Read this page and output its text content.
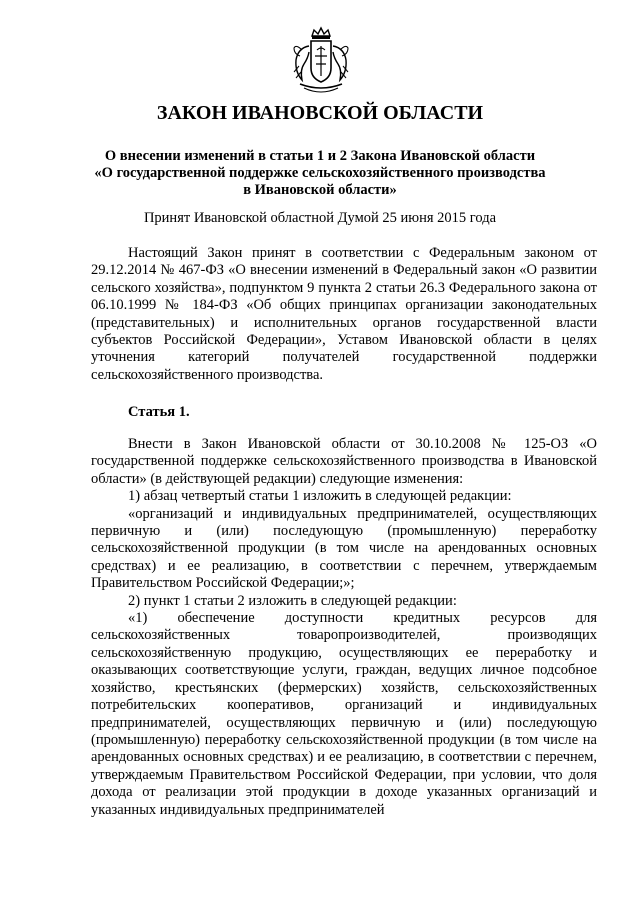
ЗАКОН ИВАНОВСКОЙ ОБЛАСТИ
О внесении изменений в статьи 1 и 2 Закона Ивановской области
«О государственной поддержке сельскохозяйственного производства
в Ивановской области»

Принят Ивановской областной Думой 25 июня 2015 года

Настоящий Закон принят в соответствии с Федеральным законом от 29.12.2014 № 467-ФЗ «О внесении изменений в Федеральный закон «О развитии сельского хозяйства», подпунктом 9 пункта 2 статьи 26.3 Федерального закона от 06.10.1999 № 184-ФЗ «Об общих принципах организации законодательных (представительных) и исполнительных органов государственной власти субъектов Российской Федерации», Уставом Ивановской области в целях уточнения категорий получателей государственной поддержки сельскохозяйственного производства.

Статья 1.

Внести в Закон Ивановской области от 30.10.2008 № 125-ОЗ «О государственной поддержке сельскохозяйственного производства в Ивановской области» (в действующей редакции) следующие изменения:

1) абзац четвертый статьи 1 изложить в следующей редакции:

«организаций и индивидуальных предпринимателей, осуществляющих первичную и (или) последующую (промышленную) переработку сельскохозяйственной продукции (в том числе на арендованных основных средствах) и ее реализацию, в соответствии с перечнем, утверждаемым Правительством Российской Федерации;»;

2) пункт 1 статьи 2 изложить в следующей редакции:

«1) обеспечение доступности кредитных ресурсов для сельскохозяйственных товаропроизводителей, производящих сельскохозяйственную продукцию, осуществляющих ее переработку и оказывающих соответствующие услуги, граждан, ведущих личное подсобное хозяйство, крестьянских (фермерских) хозяйств, сельскохозяйственных потребительских кооперативов, организаций и индивидуальных предпринимателей, осуществляющих первичную и (или) последующую (промышленную) переработку сельскохозяйственной продукции (в том числе на арендованных основных средствах) и ее реализацию, в соответствии с перечнем, утверждаемым Правительством Российской Федерации, при условии, что доля дохода от реализации этой продукции в доходе указанных организаций и указанных индивидуальных предпринимателей
